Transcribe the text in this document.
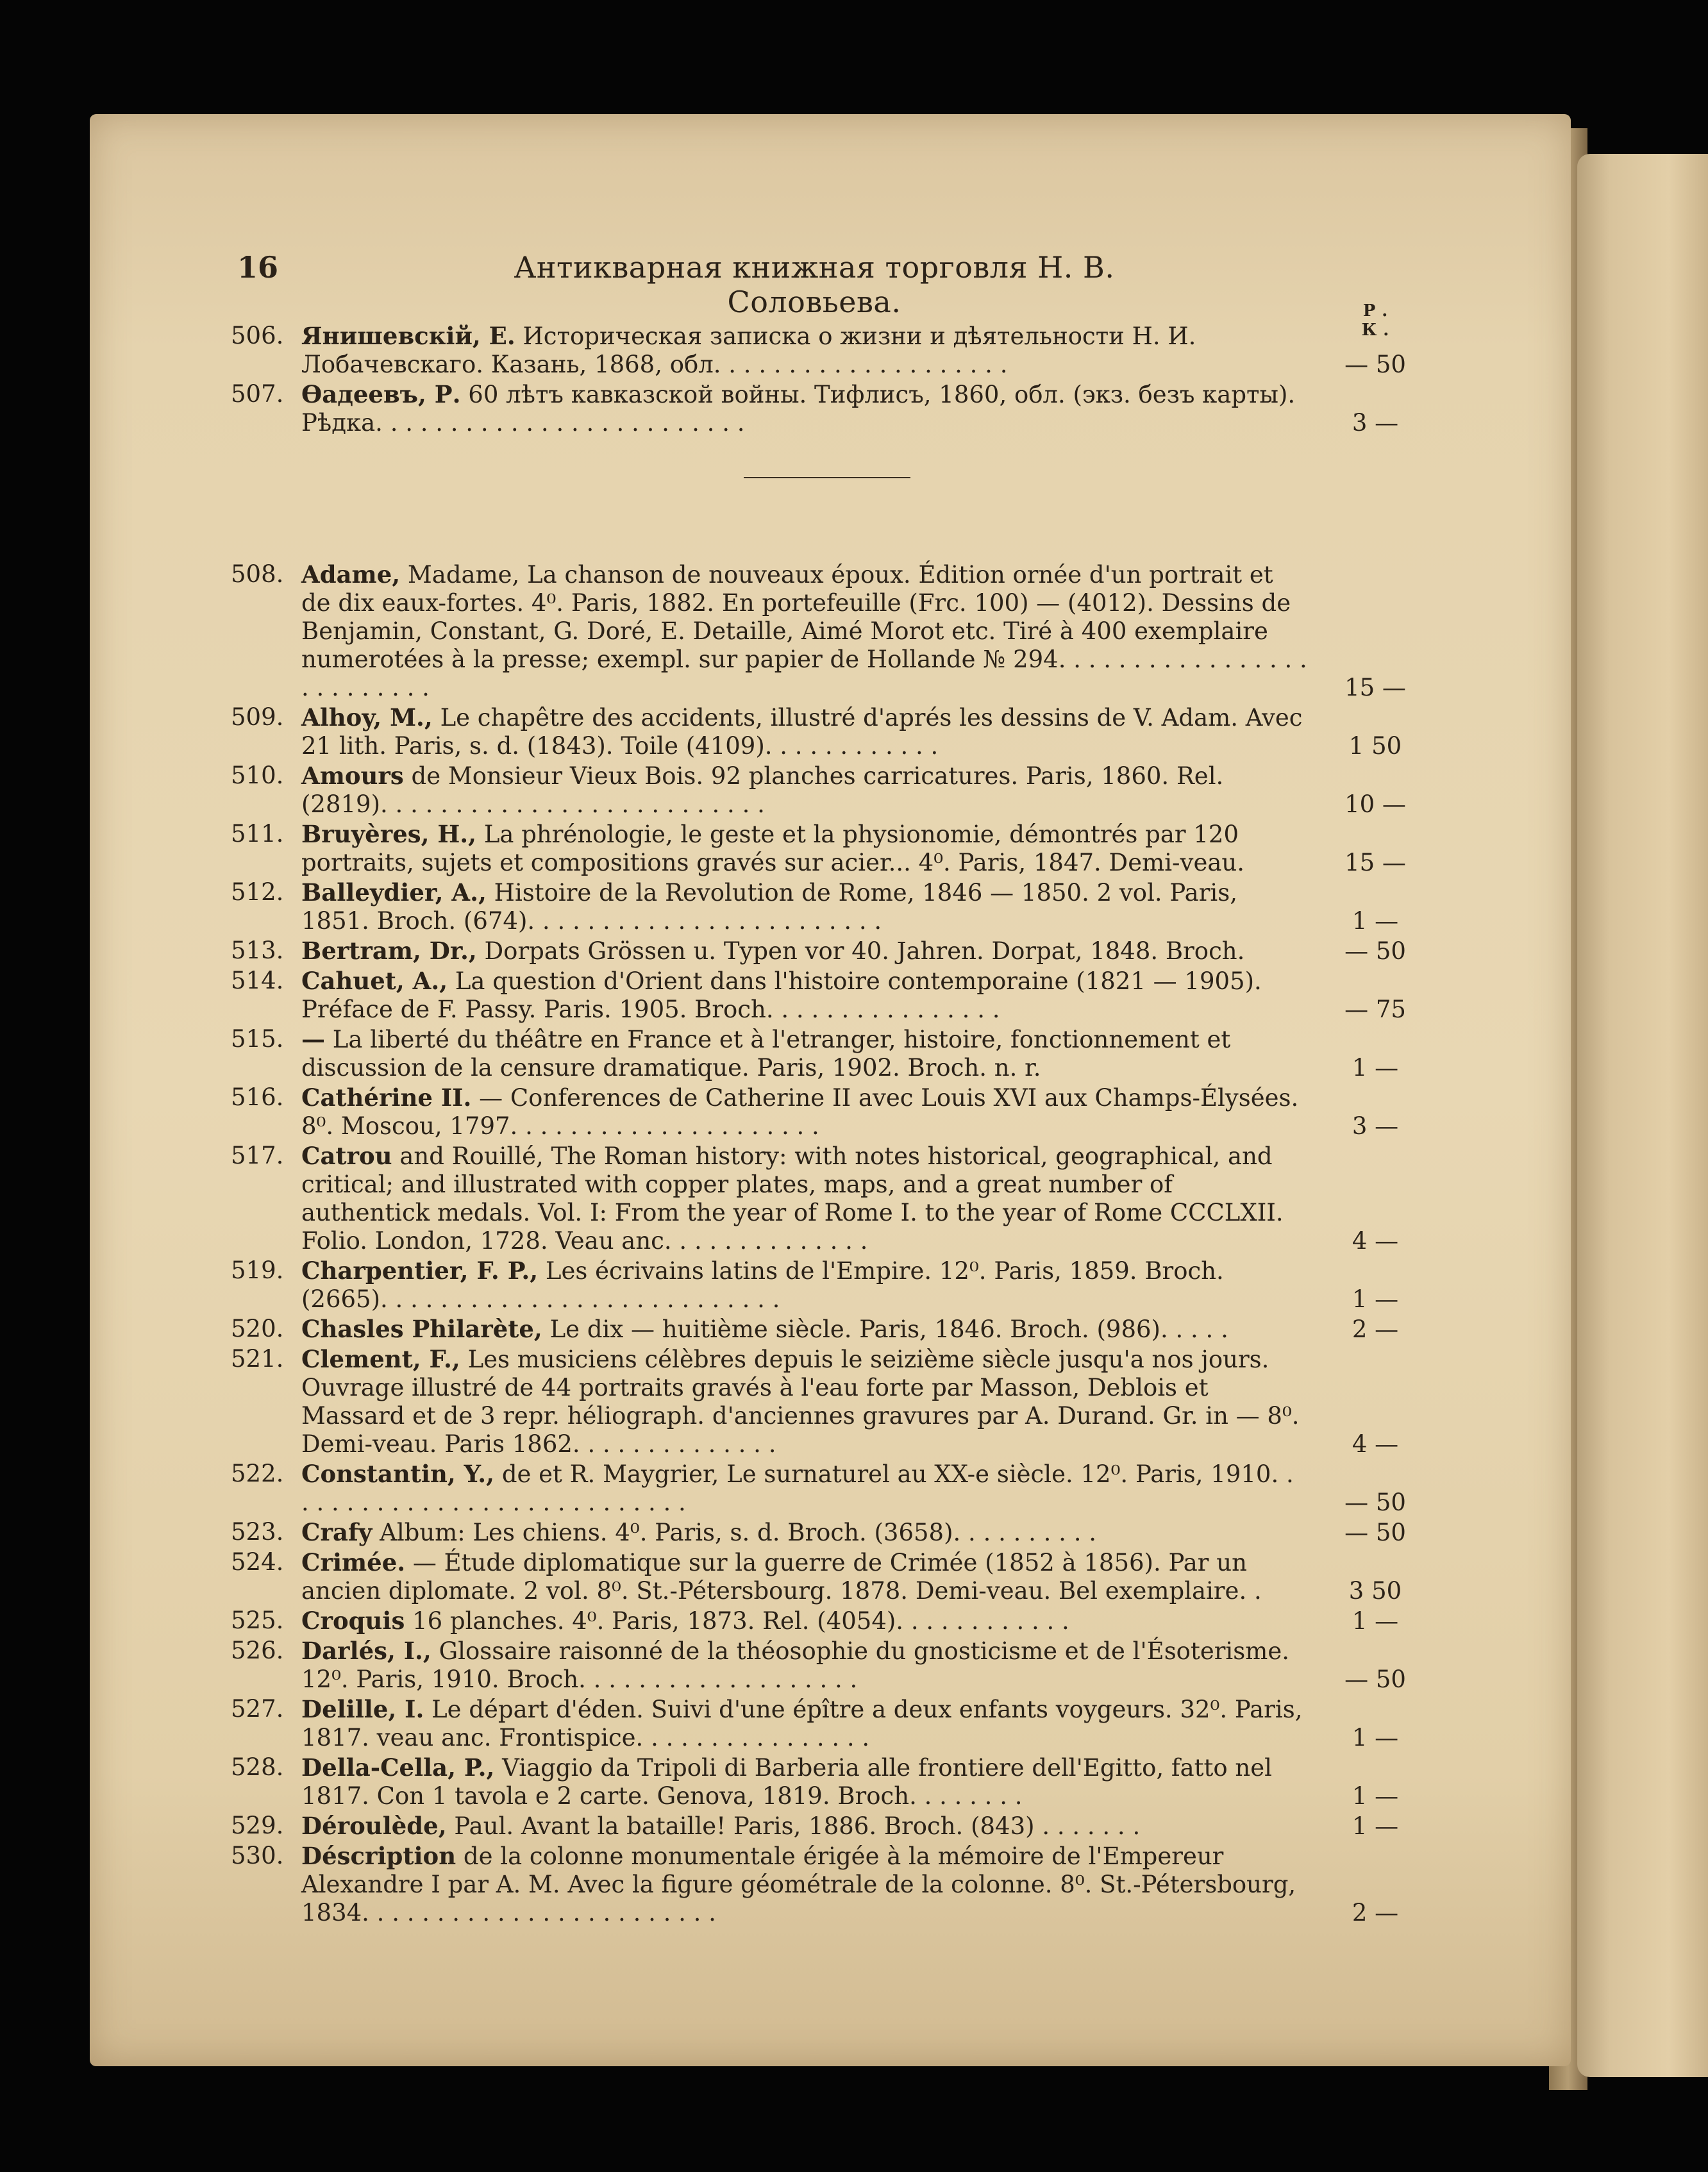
16	Антикварная книжная торговля Н. В. Соловьева.	Р. К.
506. Янишевскій, Е. Историческая записка о жизни и дѣятельности Н. И. Лобачевскаго. Казань, 1868, обл. . . . . . . . . . . . . . . . . . . .	— 50
507. Ѳадеевъ, Р. 60 лѣтъ кавказской войны. Тифлисъ, 1860, обл. (экз. безъ карты). Рѣдка. . . . . . . . . . . . . . . . . . . . . . . . .	3 —
508. Adame, Madame, La chanson de nouveaux époux. Édition ornée d'un portrait et de dix eaux-fortes. 4⁰. Paris, 1882. En portefeuille (Frc. 100) — (4012). Dessins de Benjamin, Constant, G. Doré, E. Detaille, Aimé Morot etc. Tiré à 400 exemplaire numerotées à la presse; exempl. sur papier de Hollande № 294. . . . . . . . . . . . . . . . . . . . . . . . . .	15 —
509. Alhoy, M., Le chapêtre des accidents, illustré d'aprés les dessins de V. Adam. Avec 21 lith. Paris, s. d. (1843). Toile (4109). . . . . . . . . . . .	1 50
510. Amours de Monsieur Vieux Bois. 92 planches carricatures. Paris, 1860. Rel. (2819). . . . . . . . . . . . . . . . . . . . . . . . . .	10 —
511. Bruyères, H., La phrénologie, le geste et la physionomie, démontrés par 120 portraits, sujets et compositions gravés sur acier... 4⁰. Paris, 1847. Demi-veau.	15 —
512. Balleydier, A., Histoire de la Revolution de Rome, 1846 — 1850. 2 vol. Paris, 1851. Broch. (674). . . . . . . . . . . . . . . . . . . . . . . .	1 —
513. Bertram, Dr., Dorpats Grössen u. Typen vor 40. Jahren. Dorpat, 1848. Broch.	— 50
514. Cahuet, A., La question d'Orient dans l'histoire contemporaine (1821 — 1905). Préface de F. Passy. Paris. 1905. Broch. . . . . . . . . . . . . . . .	— 75
515. — La liberté du théâtre en France et à l'etranger, histoire, fonctionnement et discussion de la censure dramatique. Paris, 1902. Broch. n. r.	1 —
516. Cathérine II. — Conferences de Catherine II avec Louis XVI aux Champs-Élysées. 8⁰. Moscou, 1797. . . . . . . . . . . . . . . . . . . . .	3 —
517. Catrou and Rouillé, The Roman history: with notes historical, geographical, and critical; and illustrated with copper plates, maps, and a great number of authentick medals. Vol. I: From the year of Rome I. to the year of Rome CCCLXII. Folio. London, 1728. Veau anc. . . . . . . . . . . . . .	4 —
519. Charpentier, F. P., Les écrivains latins de l'Empire. 12⁰. Paris, 1859. Broch. (2665). . . . . . . . . . . . . . . . . . . . . . . . . . .	1 —
520. Chasles Philarète, Le dix — huitième siècle. Paris, 1846. Broch. (986). . . . .	2 —
521. Clement, F., Les musiciens célèbres depuis le seizième siècle jusqu'a nos jours. Ouvrage illustré de 44 portraits gravés à l'eau forte par Masson, Deblois et Massard et de 3 repr. héliograph. d'anciennes gravures par A. Durand. Gr. in — 8⁰. Demi-veau. Paris 1862. . . . . . . . . . . . . .	4 —
522. Constantin, Y., de et R. Maygrier, Le surnaturel au XX-e siècle. 12⁰. Paris, 1910. . . . . . . . . . . . . . . . . . . . . . . . . . . .	— 50
523. Crafy Album: Les chiens. 4⁰. Paris, s. d. Broch. (3658). . . . . . . . . .	— 50
524. Crimée. — Étude diplomatique sur la guerre de Crimée (1852 à 1856). Par un ancien diplomate. 2 vol. 8⁰. St.-Pétersbourg. 1878. Demi-veau. Bel exemplaire. .	3 50
525. Croquis 16 planches. 4⁰. Paris, 1873. Rel. (4054). . . . . . . . . . . .	1 —
526. Darlés, I., Glossaire raisonné de la théosophie du gnosticisme et de l'Ésoterisme. 12⁰. Paris, 1910. Broch. . . . . . . . . . . . . . . . . . .	— 50
527. Delille, I. Le départ d'éden. Suivi d'une épître a deux enfants voygeurs. 32⁰. Paris, 1817. veau anc. Frontispice. . . . . . . . . . . . . . . .	1 —
528. Della-Cella, P., Viaggio da Tripoli di Barberia alle frontiere dell'Egitto, fatto nel 1817. Con 1 tavola e 2 carte. Genova, 1819. Broch. . . . . . . .	1 —
529. Déroulède, Paul. Avant la bataille! Paris, 1886. Broch. (843) . . . . . . .	1 —
530. Déscription de la colonne monumentale érigée à la mémoire de l'Empereur Alexandre I par A. M. Avec la figure géométrale de la colonne. 8⁰. St.-Pétersbourg, 1834. . . . . . . . . . . . . . . . . . . . . . . .	2 —
